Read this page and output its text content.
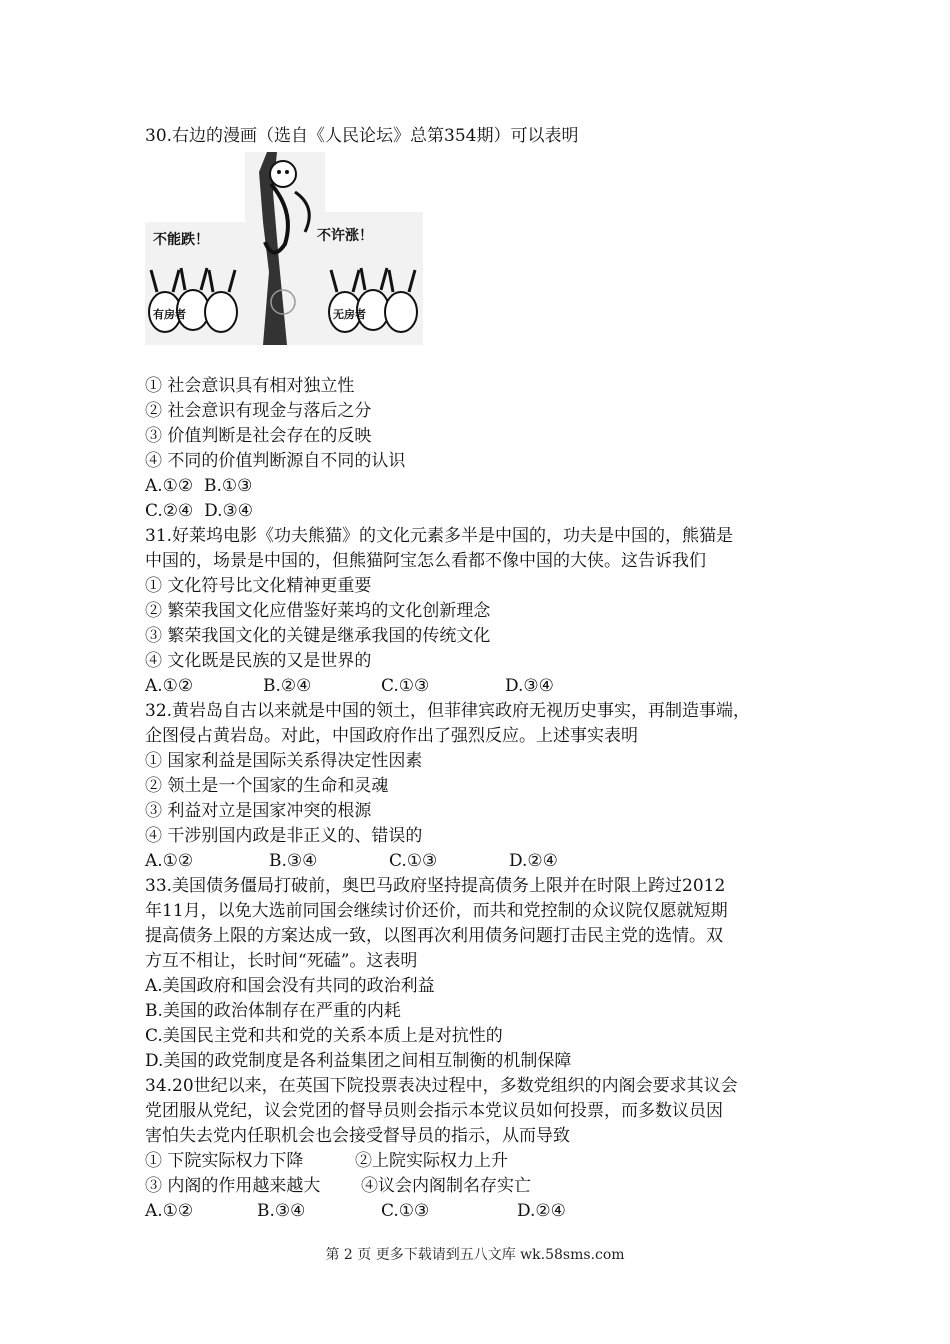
30.右边的漫画（选自《人民论坛》总第354期）可以表明
不能跌！	不许涨！
有房者	无房者
① 社会意识具有相对独立性
② 社会意识有现金与落后之分
③ 价值判断是社会存在的反映
④ 不同的价值判断源自不同的认识
A.①② B.①③
C.②④ D.③④
31.好莱坞电影《功夫熊猫》的文化元素多半是中国的，功夫是中国的，熊猫是
中国的，场景是中国的，但熊猫阿宝怎么看都不像中国的大侠。这告诉我们
① 文化符号比文化精神更重要
② 繁荣我国文化应借鉴好莱坞的文化创新理念
③ 繁荣我国文化的关键是继承我国的传统文化
④ 文化既是民族的又是世界的
A.①②	B.②④	C.①③	D.③④
32.黄岩岛自古以来就是中国的领土，但菲律宾政府无视历史事实，再制造事端，
企图侵占黄岩岛。对此，中国政府作出了强烈反应。上述事实表明
① 国家利益是国际关系得决定性因素
② 领土是一个国家的生命和灵魂
③ 利益对立是国家冲突的根源
④ 干涉别国内政是非正义的、错误的
A.①②	B.③④	C.①③	D.②④
33.美国债务僵局打破前，奥巴马政府坚持提高债务上限并在时限上跨过2012
年11月，以免大选前同国会继续讨价还价，而共和党控制的众议院仅愿就短期
提高债务上限的方案达成一致，以图再次利用债务问题打击民主党的选情。双
方互不相让，长时间“死磕”。这表明
A.美国政府和国会没有共同的政治利益
B.美国的政治体制存在严重的内耗
C.美国民主党和共和党的关系本质上是对抗性的
D.美国的政党制度是各利益集团之间相互制衡的机制保障
34.20世纪以来，在英国下院投票表决过程中，多数党组织的内阁会要求其议会
党团服从党纪，议会党团的督导员则会指示本党议员如何投票，而多数议员因
害怕失去党内任职机会也会接受督导员的指示，从而导致
① 下院实际权力下降	②上院实际权力上升
③ 内阁的作用越来越大 ④议会内阁制名存实亡
A.①②	B.③④	C.①③	D.②④
第 2 页 更多下载请到五八文库 wk.58sms.com
